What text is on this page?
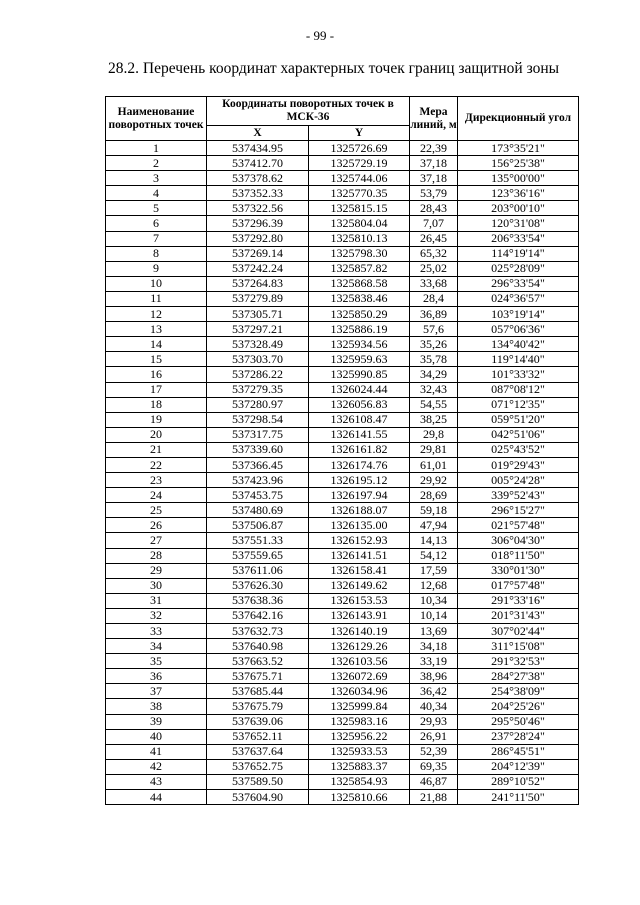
- 99 -
28.2. Перечень координат характерных точек границ защитной зоны
Наименование поворотных точек	Координаты поворотных точек в МСК-36		Мера линий, м	Дирекционный угол
	X	Y		
1	537434.95	1325726.69	22,39	173°35'21"
2	537412.70	1325729.19	37,18	156°25'38"
3	537378.62	1325744.06	37,18	135°00'00"
4	537352.33	1325770.35	53,79	123°36'16"
5	537322.56	1325815.15	28,43	203°00'10"
6	537296.39	1325804.04	7,07	120°31'08"
7	537292.80	1325810.13	26,45	206°33'54"
8	537269.14	1325798.30	65,32	114°19'14"
9	537242.24	1325857.82	25,02	025°28'09"
10	537264.83	1325868.58	33,68	296°33'54"
11	537279.89	1325838.46	28,4	024°36'57"
12	537305.71	1325850.29	36,89	103°19'14"
13	537297.21	1325886.19	57,6	057°06'36"
14	537328.49	1325934.56	35,26	134°40'42"
15	537303.70	1325959.63	35,78	119°14'40"
16	537286.22	1325990.85	34,29	101°33'32"
17	537279.35	1326024.44	32,43	087°08'12"
18	537280.97	1326056.83	54,55	071°12'35"
19	537298.54	1326108.47	38,25	059°51'20"
20	537317.75	1326141.55	29,8	042°51'06"
21	537339.60	1326161.82	29,81	025°43'52"
22	537366.45	1326174.76	61,01	019°29'43"
23	537423.96	1326195.12	29,92	005°24'28"
24	537453.75	1326197.94	28,69	339°52'43"
25	537480.69	1326188.07	59,18	296°15'27"
26	537506.87	1326135.00	47,94	021°57'48"
27	537551.33	1326152.93	14,13	306°04'30"
28	537559.65	1326141.51	54,12	018°11'50"
29	537611.06	1326158.41	17,59	330°01'30"
30	537626.30	1326149.62	12,68	017°57'48"
31	537638.36	1326153.53	10,34	291°33'16"
32	537642.16	1326143.91	10,14	201°31'43"
33	537632.73	1326140.19	13,69	307°02'44"
34	537640.98	1326129.26	34,18	311°15'08"
35	537663.52	1326103.56	33,19	291°32'53"
36	537675.71	1326072.69	38,96	284°27'38"
37	537685.44	1326034.96	36,42	254°38'09"
38	537675.79	1325999.84	40,34	204°25'26"
39	537639.06	1325983.16	29,93	295°50'46"
40	537652.11	1325956.22	26,91	237°28'24"
41	537637.64	1325933.53	52,39	286°45'51"
42	537652.75	1325883.37	69,35	204°12'39"
43	537589.50	1325854.93	46,87	289°10'52"
44	537604.90	1325810.66	21,88	241°11'50"
